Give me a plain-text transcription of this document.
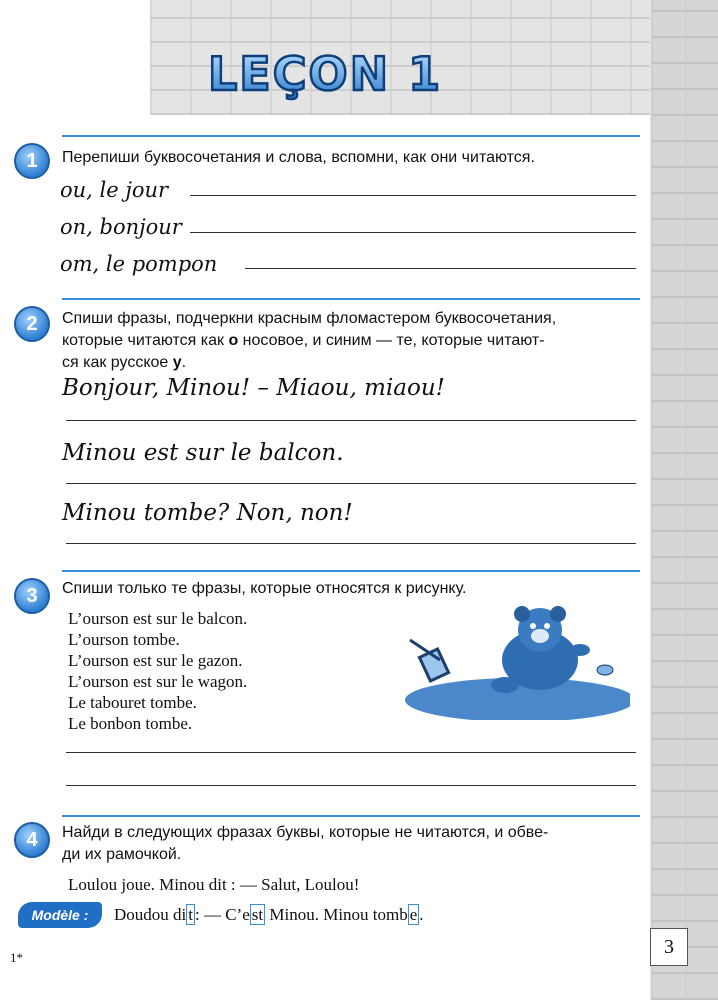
LEÇON 1
1	Перепиши буквосочетания и слова, вспомни, как они читаются.
ou, le jour
on, bonjour
om, le pompon
2	Спиши фразы, подчеркни красным фломастером буквосочетания,
которые читаются как о носовое, и синим — те, которые читают-
ся как русское у.
Bonjour, Minou! – Miaou, miaou!
Minou est sur le balcon.
Minou tombe? Non, non!
3	Спиши только те фразы, которые относятся к рисунку.
L’ourson est sur le balcon.
L’ourson tombe.
L’ourson est sur le gazon.
L’ourson est sur le wagon.
Le tabouret tombe.
Le bonbon tombe.
4	Найди в следующих фразах буквы, которые не читаются, и обве-
ди их рамочкой.
Loulou joue. Minou dit : — Salut, Loulou!
Modèle :	Doudou di t : — C’e st Minou. Minou tomb e .
3
1*
